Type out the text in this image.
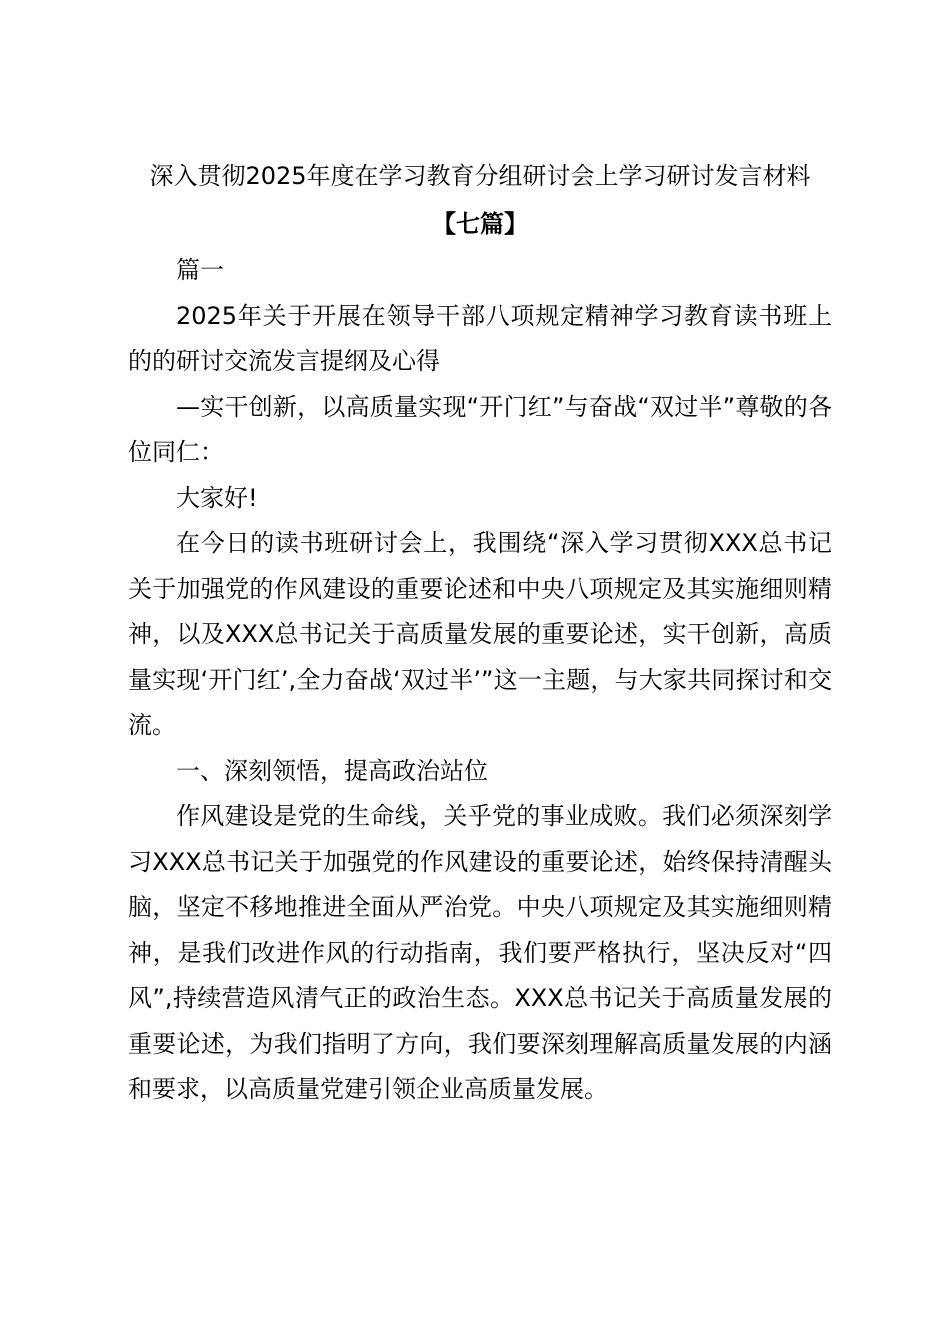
深入贯彻2025年度在学习教育分组研讨会上学习研讨发言材料
【七篇】

篇一

2025年关于开展在领导干部八项规定精神学习教育读书班上的的研讨交流发言提纲及心得

—实干创新，以高质量实现“开门红”与奋战“双过半”尊敬的各位同仁：

大家好!

在今日的读书班研讨会上，我围绕“深入学习贯彻XXX总书记关于加强党的作风建设的重要论述和中央八项规定及其实施细则精神，以及XXX总书记关于高质量发展的重要论述，实干创新，高质量实现‘开门红’,全力奋战‘双过半’”这一主题，与大家共同探讨和交流。

一、深刻领悟，提高政治站位

作风建设是党的生命线，关乎党的事业成败。我们必须深刻学习XXX总书记关于加强党的作风建设的重要论述，始终保持清醒头脑，坚定不移地推进全面从严治党。中央八项规定及其实施细则精神，是我们改进作风的行动指南，我们要严格执行，坚决反对“四风”,持续营造风清气正的政治生态。XXX总书记关于高质量发展的重要论述，为我们指明了方向，我们要深刻理解高质量发展的内涵和要求，以高质量党建引领企业高质量发展。
